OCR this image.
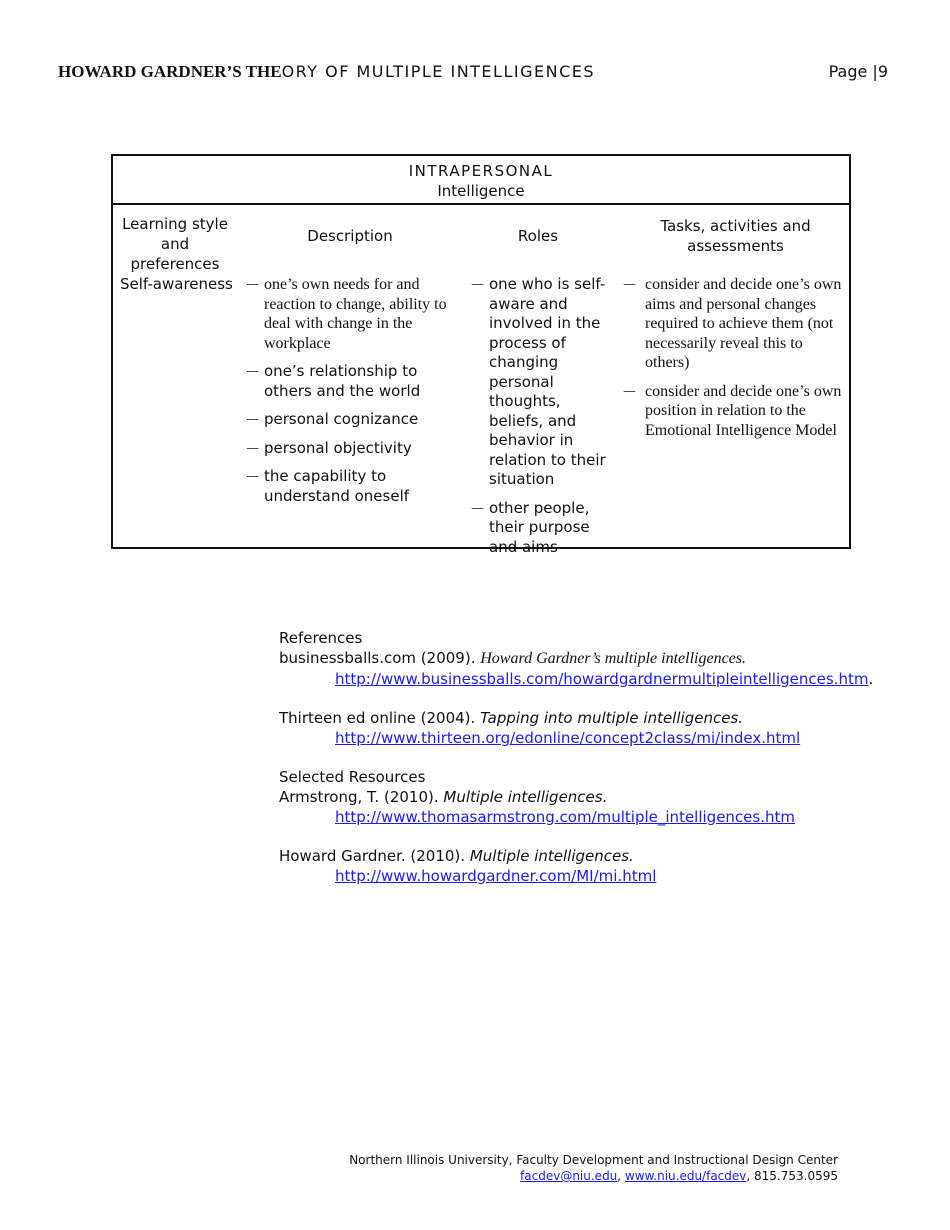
HOWARD GARDNER’S THEORY OF MULTIPLE INTELLIGENCES	Page |9
INTRAPERSONAL
Intelligence
Learning style and preferences
Description	Roles
Tasks, activities and assessments
Self-awareness
—	one’s own needs for and reaction to change, ability to deal with change in the workplace
— one’s relationship to others and the world
— personal cognizance
— personal objectivity
— the capability to understand oneself
— one who is self-aware and involved in the process of changing personal thoughts, beliefs, and behavior in relation to their situation
— other people, their purpose and aims
— consider and decide one’s own aims and personal changes required to achieve them (not necessarily reveal this to others)
— consider and decide one’s own position in relation to the Emotional Intelligence Model
References
businessballs.com (2009). Howard Gardner’s multiple intelligences.
http://www.businessballs.com/howardgardnermultipleintelligences.htm.
Thirteen ed online (2004). Tapping into multiple intelligences.
http://www.thirteen.org/edonline/concept2class/mi/index.html
Selected Resources
Armstrong, T. (2010). Multiple intelligences.
http://www.thomasarmstrong.com/multiple_intelligences.htm
Howard Gardner. (2010). Multiple intelligences.
http://www.howardgardner.com/MI/mi.html
Northern Illinois University, Faculty Development and Instructional Design Center
facdev@niu.edu, www.niu.edu/facdev, 815.753.0595
